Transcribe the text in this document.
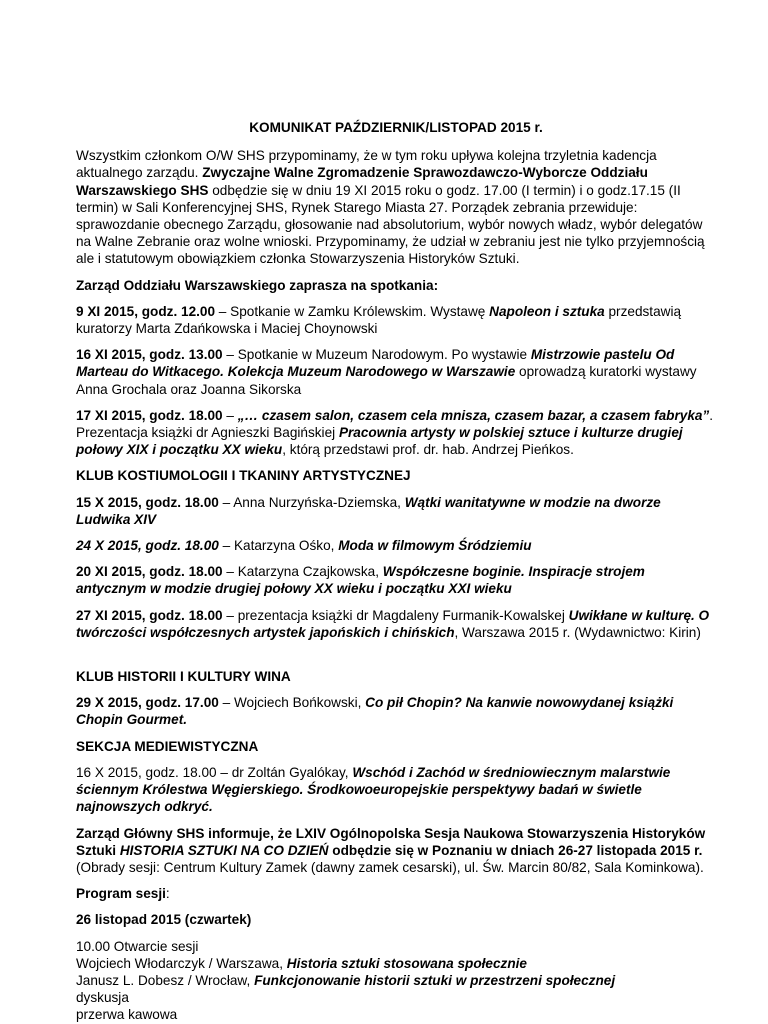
KOMUNIKAT PAŹDZIERNIK/LISTOPAD 2015 r.

Wszystkim członkom O/W SHS przypominamy, że w tym roku upływa kolejna trzyletnia kadencja aktualnego zarządu. Zwyczajne Walne Zgromadzenie Sprawozdawczo-Wyborcze Oddziału Warszawskiego SHS odbędzie się w dniu 19 XI 2015 roku o godz. 17.00 (I termin) i o godz.17.15 (II termin) w Sali Konferencyjnej SHS, Rynek Starego Miasta 27. Porządek zebrania przewiduje: sprawozdanie obecnego Zarządu, głosowanie nad absolutorium, wybór nowych władz, wybór delegatów na Walne Zebranie oraz wolne wnioski. Przypominamy, że udział w zebraniu jest nie tylko przyjemnością ale i statutowym obowiązkiem członka Stowarzyszenia Historyków Sztuki.

Zarząd Oddziału Warszawskiego zaprasza na spotkania:

9 XI 2015, godz. 12.00 – Spotkanie w Zamku Królewskim. Wystawę Napoleon i sztuka przedstawią kuratorzy Marta Zdańkowska i Maciej Choynowski

16 XI 2015, godz. 13.00 – Spotkanie w Muzeum Narodowym. Po wystawie Mistrzowie pastelu Od Marteau do Witkacego. Kolekcja Muzeum Narodowego w Warszawie oprowadzą kuratorki wystawy Anna Grochala oraz Joanna Sikorska

17 XI 2015, godz. 18.00 – „… czasem salon, czasem cela mnisza, czasem bazar, a czasem fabryka”. Prezentacja książki dr Agnieszki Bagińskiej Pracownia artysty w polskiej sztuce i kulturze drugiej połowy XIX i początku XX wieku, którą przedstawi prof. dr. hab. Andrzej Pieńkos.

KLUB KOSTIUMOLOGII I TKANINY ARTYSTYCZNEJ

15 X 2015, godz. 18.00 – Anna Nurzyńska-Dziemska, Wątki wanitatywne w modzie na dworze Ludwika XIV

24 X 2015, godz. 18.00 – Katarzyna Ośko, Moda w filmowym Śródziemiu

20 XI 2015, godz. 18.00 – Katarzyna Czajkowska, Współczesne boginie. Inspiracje strojem antycznym w modzie drugiej połowy XX wieku i początku XXI wieku

27 XI 2015, godz. 18.00 – prezentacja książki dr Magdaleny Furmanik-Kowalskej Uwikłane w kulturę. O twórczości współczesnych artystek japońskich i chińskich, Warszawa 2015 r. (Wydawnictwo: Kirin)

KLUB HISTORII I KULTURY WINA

29 X 2015, godz. 17.00 – Wojciech Bońkowski, Co pił Chopin? Na kanwie nowowydanej książki Chopin Gourmet.

SEKCJA MEDIEWISTYCZNA

16 X 2015, godz. 18.00 – dr Zoltán Gyalókay, Wschód i Zachód w średniowiecznym malarstwie ściennym Królestwa Węgierskiego. Środkowoeuropejskie perspektywy badań w świetle najnowszych odkryć.

Zarząd Główny SHS informuje, że LXIV Ogólnopolska Sesja Naukowa Stowarzyszenia Historyków Sztuki HISTORIA SZTUKI NA CO DZIEŃ odbędzie się w Poznaniu w dniach 26-27 listopada 2015 r. (Obrady sesji: Centrum Kultury Zamek (dawny zamek cesarski), ul. Św. Marcin 80/82, Sala Kominkowa).

Program sesji:

26 listopad 2015 (czwartek)

10.00 Otwarcie sesji
Wojciech Włodarczyk / Warszawa, Historia sztuki stosowana społecznie
Janusz L. Dobesz / Wrocław, Funkcjonowanie historii sztuki w przestrzeni społecznej
dyskusja
przerwa kawowa
